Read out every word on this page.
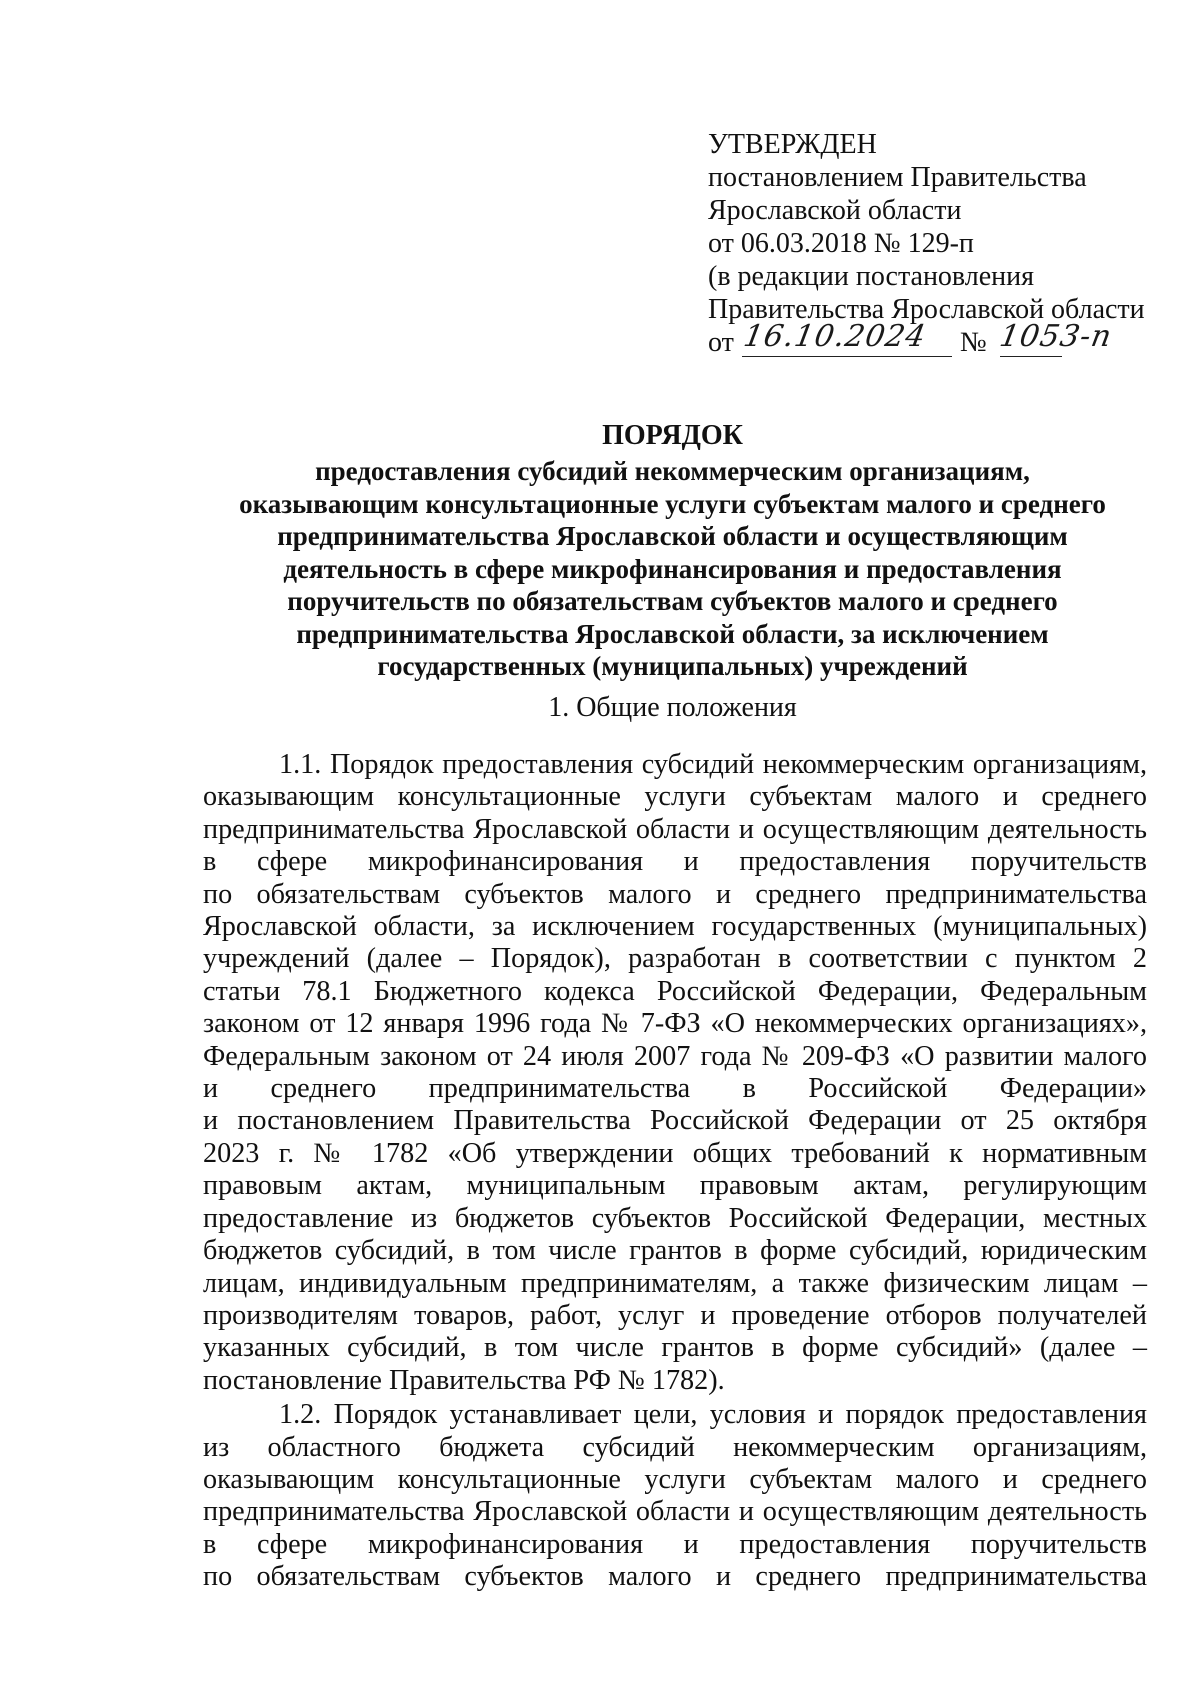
УТВЕРЖДЕН
постановлением Правительства
Ярославской области
от 06.03.2018 № 129-п
(в редакции постановления
Правительства Ярославской области
от 16.10.2024 № 1053-п
ПОРЯДОК
предоставления субсидий некоммерческим организациям,
оказывающим консультационные услуги субъектам малого и среднего
предпринимательства Ярославской области и осуществляющим
деятельность в сфере микрофинансирования и предоставления
поручительств по обязательствам субъектов малого и среднего
предпринимательства Ярославской области, за исключением
государственных (муниципальных) учреждений
1. Общие положения
1.1. Порядок предоставления субсидий некоммерческим организациям,
оказывающим консультационные услуги субъектам малого и среднего
предпринимательства Ярославской области и осуществляющим деятельность
в сфере микрофинансирования и предоставления поручительств
по обязательствам субъектов малого и среднего предпринимательства
Ярославской области, за исключением государственных (муниципальных)
учреждений (далее – Порядок), разработан в соответствии с пунктом 2
статьи 78.1 Бюджетного кодекса Российской Федерации, Федеральным
законом от 12 января 1996 года № 7-ФЗ «О некоммерческих организациях»,
Федеральным законом от 24 июля 2007 года № 209-ФЗ «О развитии малого
и среднего предпринимательства в Российской Федерации»
и постановлением Правительства Российской Федерации от 25 октября
2023 г. № 1782 «Об утверждении общих требований к нормативным
правовым актам, муниципальным правовым актам, регулирующим
предоставление из бюджетов субъектов Российской Федерации, местных
бюджетов субсидий, в том числе грантов в форме субсидий, юридическим
лицам, индивидуальным предпринимателям, а также физическим лицам –
производителям товаров, работ, услуг и проведение отборов получателей
указанных субсидий, в том числе грантов в форме субсидий» (далее –
постановление Правительства РФ № 1782).
1.2. Порядок устанавливает цели, условия и порядок предоставления
из областного бюджета субсидий некоммерческим организациям,
оказывающим консультационные услуги субъектам малого и среднего
предпринимательства Ярославской области и осуществляющим деятельность
в сфере микрофинансирования и предоставления поручительств
по обязательствам субъектов малого и среднего предпринимательства
